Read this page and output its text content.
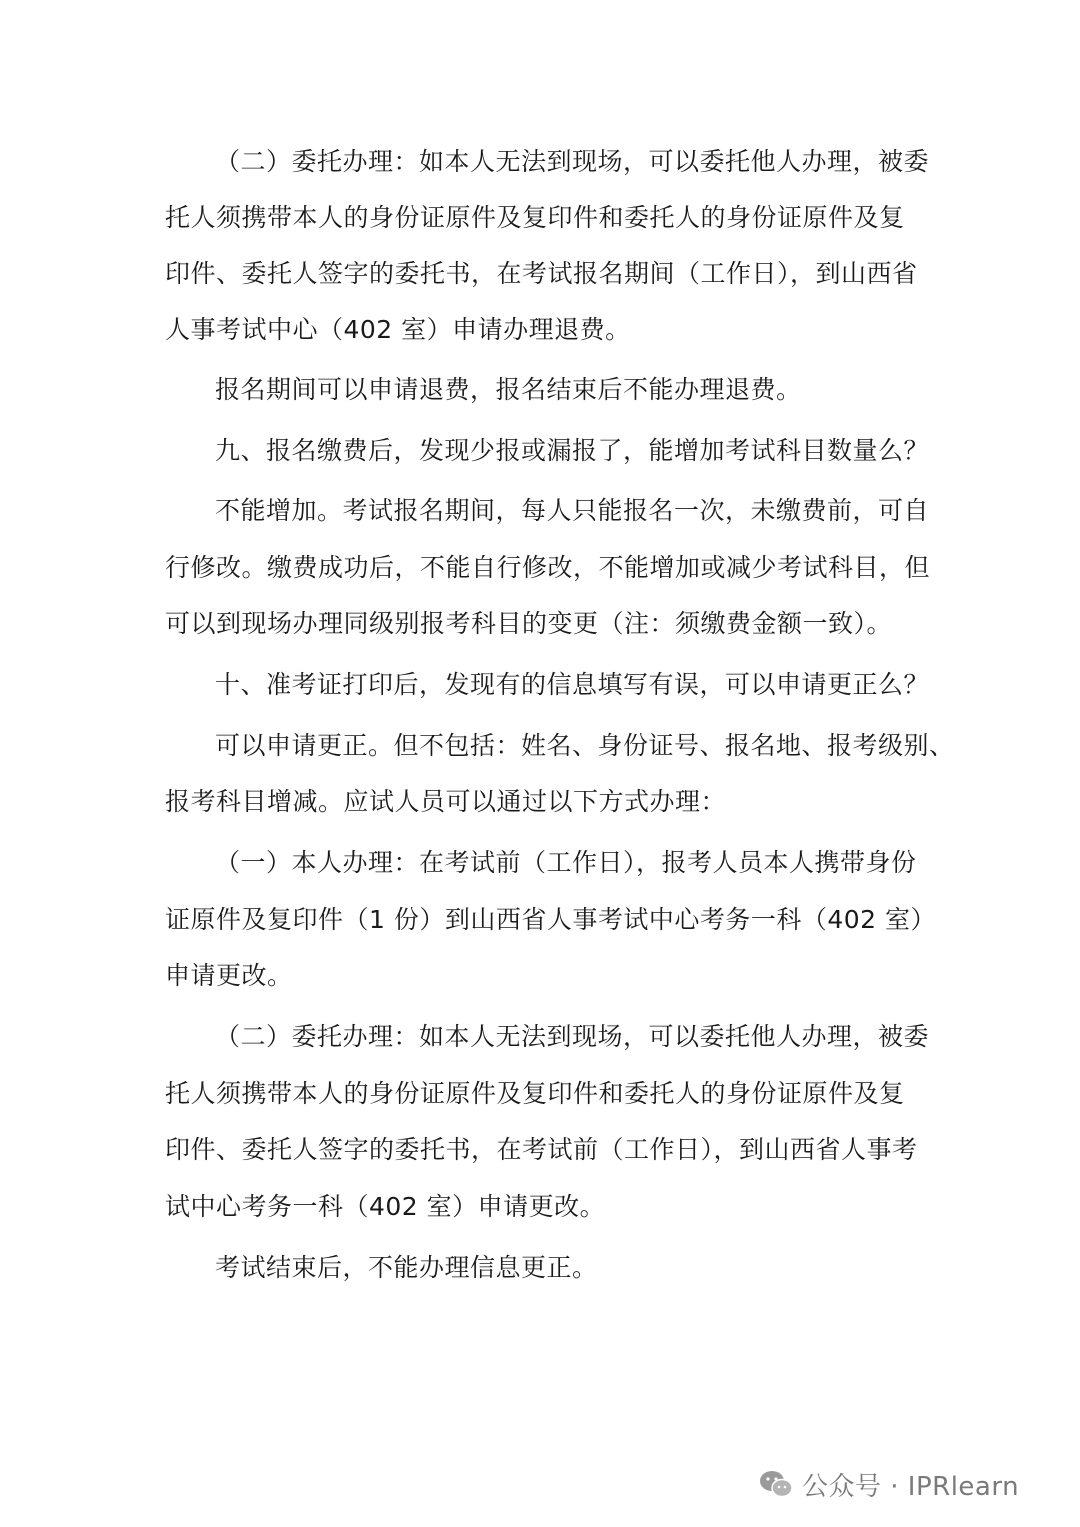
（二）委托办理：如本人无法到现场，可以委托他人办理，被委
托人须携带本人的身份证原件及复印件和委托人的身份证原件及复
印件、委托人签字的委托书，在考试报名期间（工作日），到山西省
人事考试中心（402 室）申请办理退费。
报名期间可以申请退费，报名结束后不能办理退费。
九、报名缴费后，发现少报或漏报了，能增加考试科目数量么？
不能增加。考试报名期间，每人只能报名一次，未缴费前，可自
行修改。缴费成功后，不能自行修改，不能增加或减少考试科目，但
可以到现场办理同级别报考科目的变更（注：须缴费金额一致）。
十、准考证打印后，发现有的信息填写有误，可以申请更正么？
可以申请更正。但不包括：姓名、身份证号、报名地、报考级别、
报考科目增减。应试人员可以通过以下方式办理：
（一）本人办理：在考试前（工作日），报考人员本人携带身份
证原件及复印件（1 份）到山西省人事考试中心考务一科（402 室）
申请更改。
（二）委托办理：如本人无法到现场，可以委托他人办理，被委
托人须携带本人的身份证原件及复印件和委托人的身份证原件及复
印件、委托人签字的委托书，在考试前（工作日），到山西省人事考
试中心考务一科（402 室）申请更改。
考试结束后，不能办理信息更正。
公众号 · IPRlearn
